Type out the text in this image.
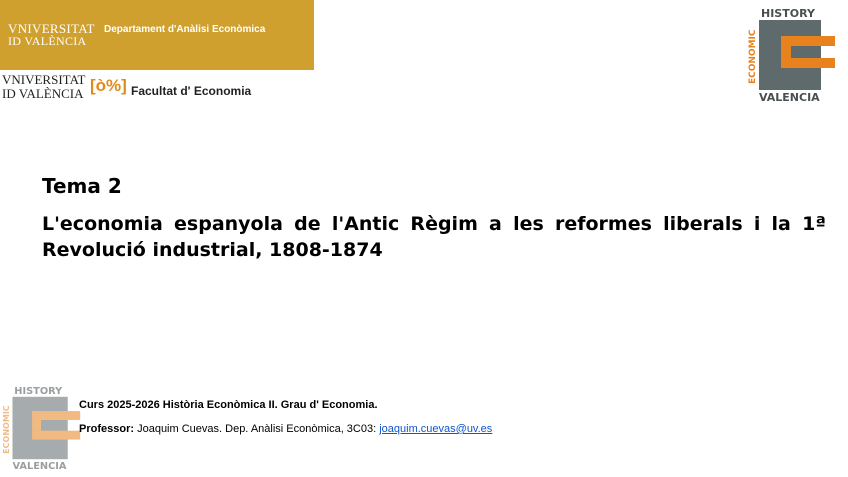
VNIVERSITAT
ID VALÈNCIA
Departament d'Anàlisi Econòmica
VNIVERSITAT
ID VALÈNCIA [ò%] Facultat d' Economia
HISTORY
VALENCIA
ECONOMIC
Tema 2
L'economia espanyola de l'Antic Règim a les reformes liberals i la 1ª Revolució industrial, 1808-1874
HISTORY
VALENCIA
ECONOMIC
Curs 2025-2026 Història Econòmica II. Grau d' Economia.
Professor: Joaquim Cuevas. Dep. Anàlisi Econòmica, 3C03: joaquim.cuevas@uv.es
